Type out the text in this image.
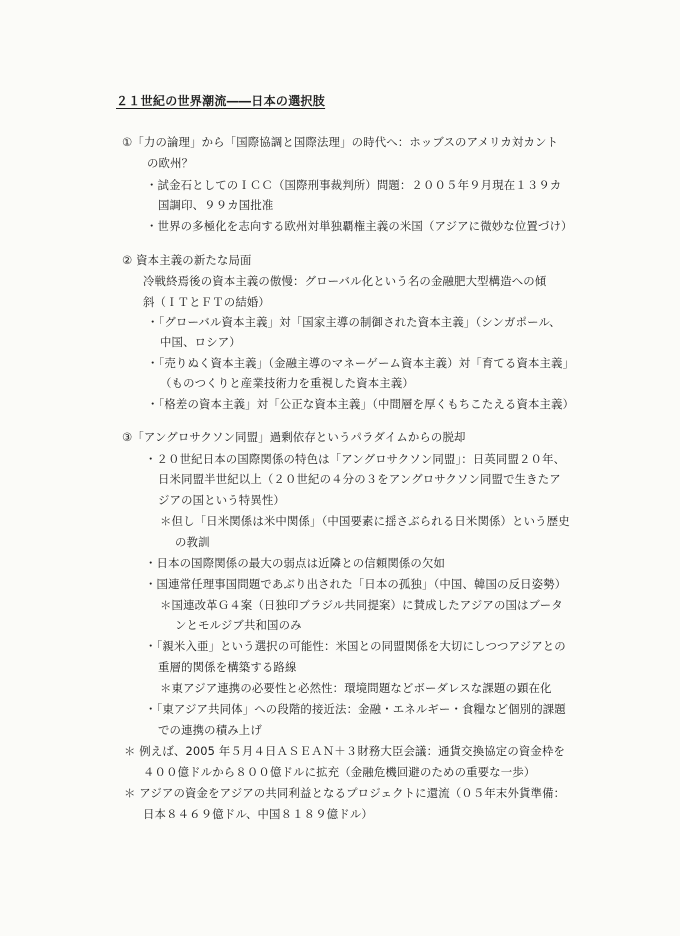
２１世紀の世界潮流――日本の選択肢
①「力の論理」から「国際協調と国際法理」の時代へ：ホッブスのアメリカ対カント
の欧州？
・試金石としてのＩＣＣ（国際刑事裁判所）問題：２００５年９月現在１３９カ
国調印、９９カ国批准
・世界の多極化を志向する欧州対単独覇権主義の米国（アジアに微妙な位置づけ）
② 資本主義の新たな局面
冷戦終焉後の資本主義の傲慢：グローバル化という名の金融肥大型構造への傾
斜（ＩＴとＦＴの結婚）
・「グローバル資本主義」対「国家主導の制御された資本主義」（シンガポール、
中国、ロシア）
・「売りぬく資本主義」（金融主導のマネーゲーム資本主義）対「育てる資本主義」
（ものつくりと産業技術力を重視した資本主義）
・「格差の資本主義」対「公正な資本主義」（中間層を厚くもちこたえる資本主義）
③「アングロサクソン同盟」過剰依存というパラダイムからの脱却
・２０世紀日本の国際関係の特色は「アングロサクソン同盟」：日英同盟２０年、
日米同盟半世紀以上（２０世紀の４分の３をアングロサクソン同盟で生きたア
ジアの国という特異性）
＊但し「日米関係は米中関係」（中国要素に揺さぶられる日米関係）という歴史
の教訓
・日本の国際関係の最大の弱点は近隣との信頼関係の欠如
・国連常任理事国問題であぶり出された「日本の孤独」（中国、韓国の反日姿勢）
＊国連改革Ｇ４案（日独印ブラジル共同提案）に賛成したアジアの国はブータ
ンとモルジブ共和国のみ
・「親米入亜」という選択の可能性：米国との同盟関係を大切にしつつアジアとの
重層的関係を構築する路線
＊東アジア連携の必要性と必然性：環境問題などボーダレスな課題の顕在化
・「東アジア共同体」への段階的接近法：金融・エネルギー・食糧など個別的課題
での連携の積み上げ
＊ 例えば、2005 年５月４日ＡＳＥＡＮ＋３財務大臣会議：通貨交換協定の資金枠を
４００億ドルから８００億ドルに拡充（金融危機回避のための重要な一歩）
＊ アジアの資金をアジアの共同利益となるプロジェクトに還流（０５年末外貨準備：
日本８４６９億ドル、中国８１８９億ドル）
